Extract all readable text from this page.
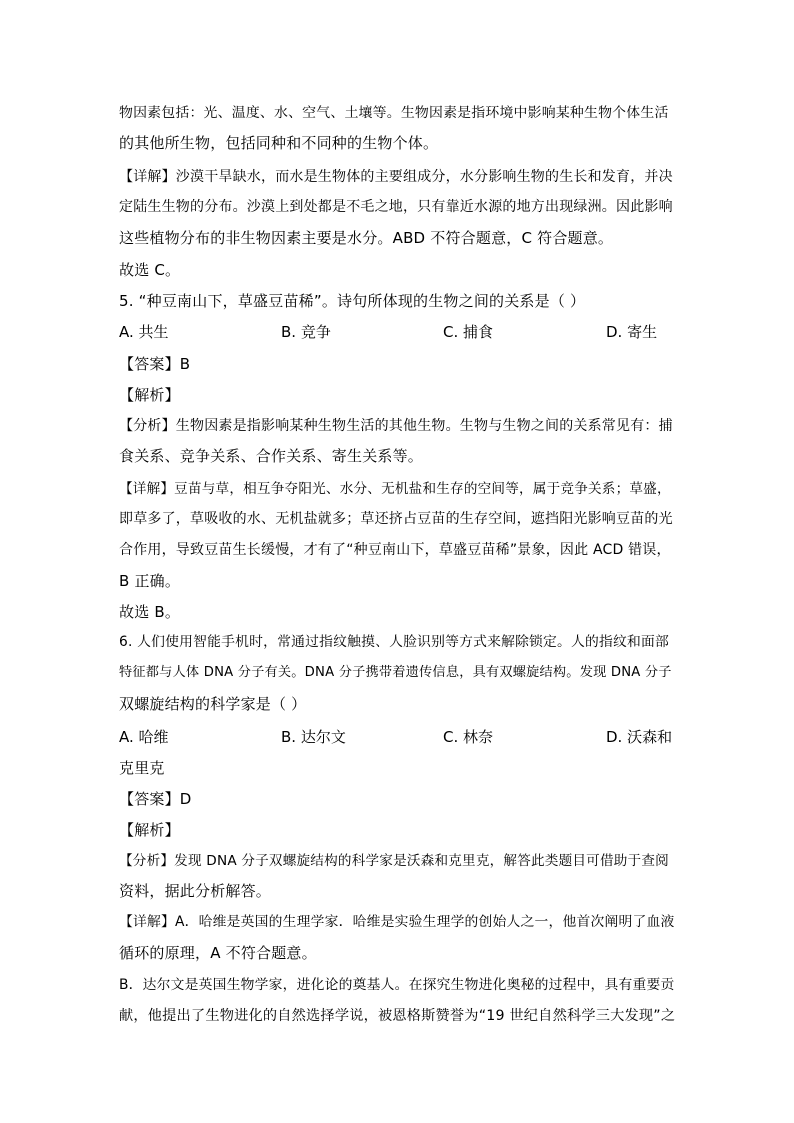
物因素包括：光、温度、水、空气、土壤等。生物因素是指环境中影响某种生物个体生活
的其他所生物，包括同种和不同种的生物个体。
【详解】沙漠干旱缺水，而水是生物体的主要组成分，水分影响生物的生长和发育，并决
定陆生生物的分布。沙漠上到处都是不毛之地，只有靠近水源的地方出现绿洲。因此影响
这些植物分布的非生物因素主要是水分。ABD 不符合题意，C 符合题意。
故选 C。
5. “种豆南山下，草盛豆苗稀”。诗句所体现的生物之间的关系是（ ）
A. 共生	B. 竞争	C. 捕食	D. 寄生
【答案】B
【解析】
【分析】生物因素是指影响某种生物生活的其他生物。生物与生物之间的关系常见有：捕
食关系、竞争关系、合作关系、寄生关系等。
【详解】豆苗与草，相互争夺阳光、水分、无机盐和生存的空间等，属于竞争关系；草盛，
即草多了，草吸收的水、无机盐就多；草还挤占豆苗的生存空间，遮挡阳光影响豆苗的光
合作用，导致豆苗生长缓慢，才有了“种豆南山下，草盛豆苗稀”景象，因此 ACD 错误，
B 正确。
故选 B。
6. 人们使用智能手机时，常通过指纹触摸、人脸识别等方式来解除锁定。人的指纹和面部
特征都与人体 DNA 分子有关。DNA 分子携带着遗传信息，具有双螺旋结构。发现 DNA 分子
双螺旋结构的科学家是（ ）
A. 哈维	B. 达尔文	C. 林奈	D. 沃森和
克里克
【答案】D
【解析】
【分析】发现 DNA 分子双螺旋结构的科学家是沃森和克里克，解答此类题目可借助于查阅
资料，据此分析解答。
【详解】A．哈维是英国的生理学家．哈维是实验生理学的创始人之一，他首次阐明了血液
循环的原理，A 不符合题意。
B．达尔文是英国生物学家，进化论的奠基人。在探究生物进化奥秘的过程中，具有重要贡
献，他提出了生物进化的自然选择学说，被恩格斯赞誉为“19 世纪自然科学三大发现”之
